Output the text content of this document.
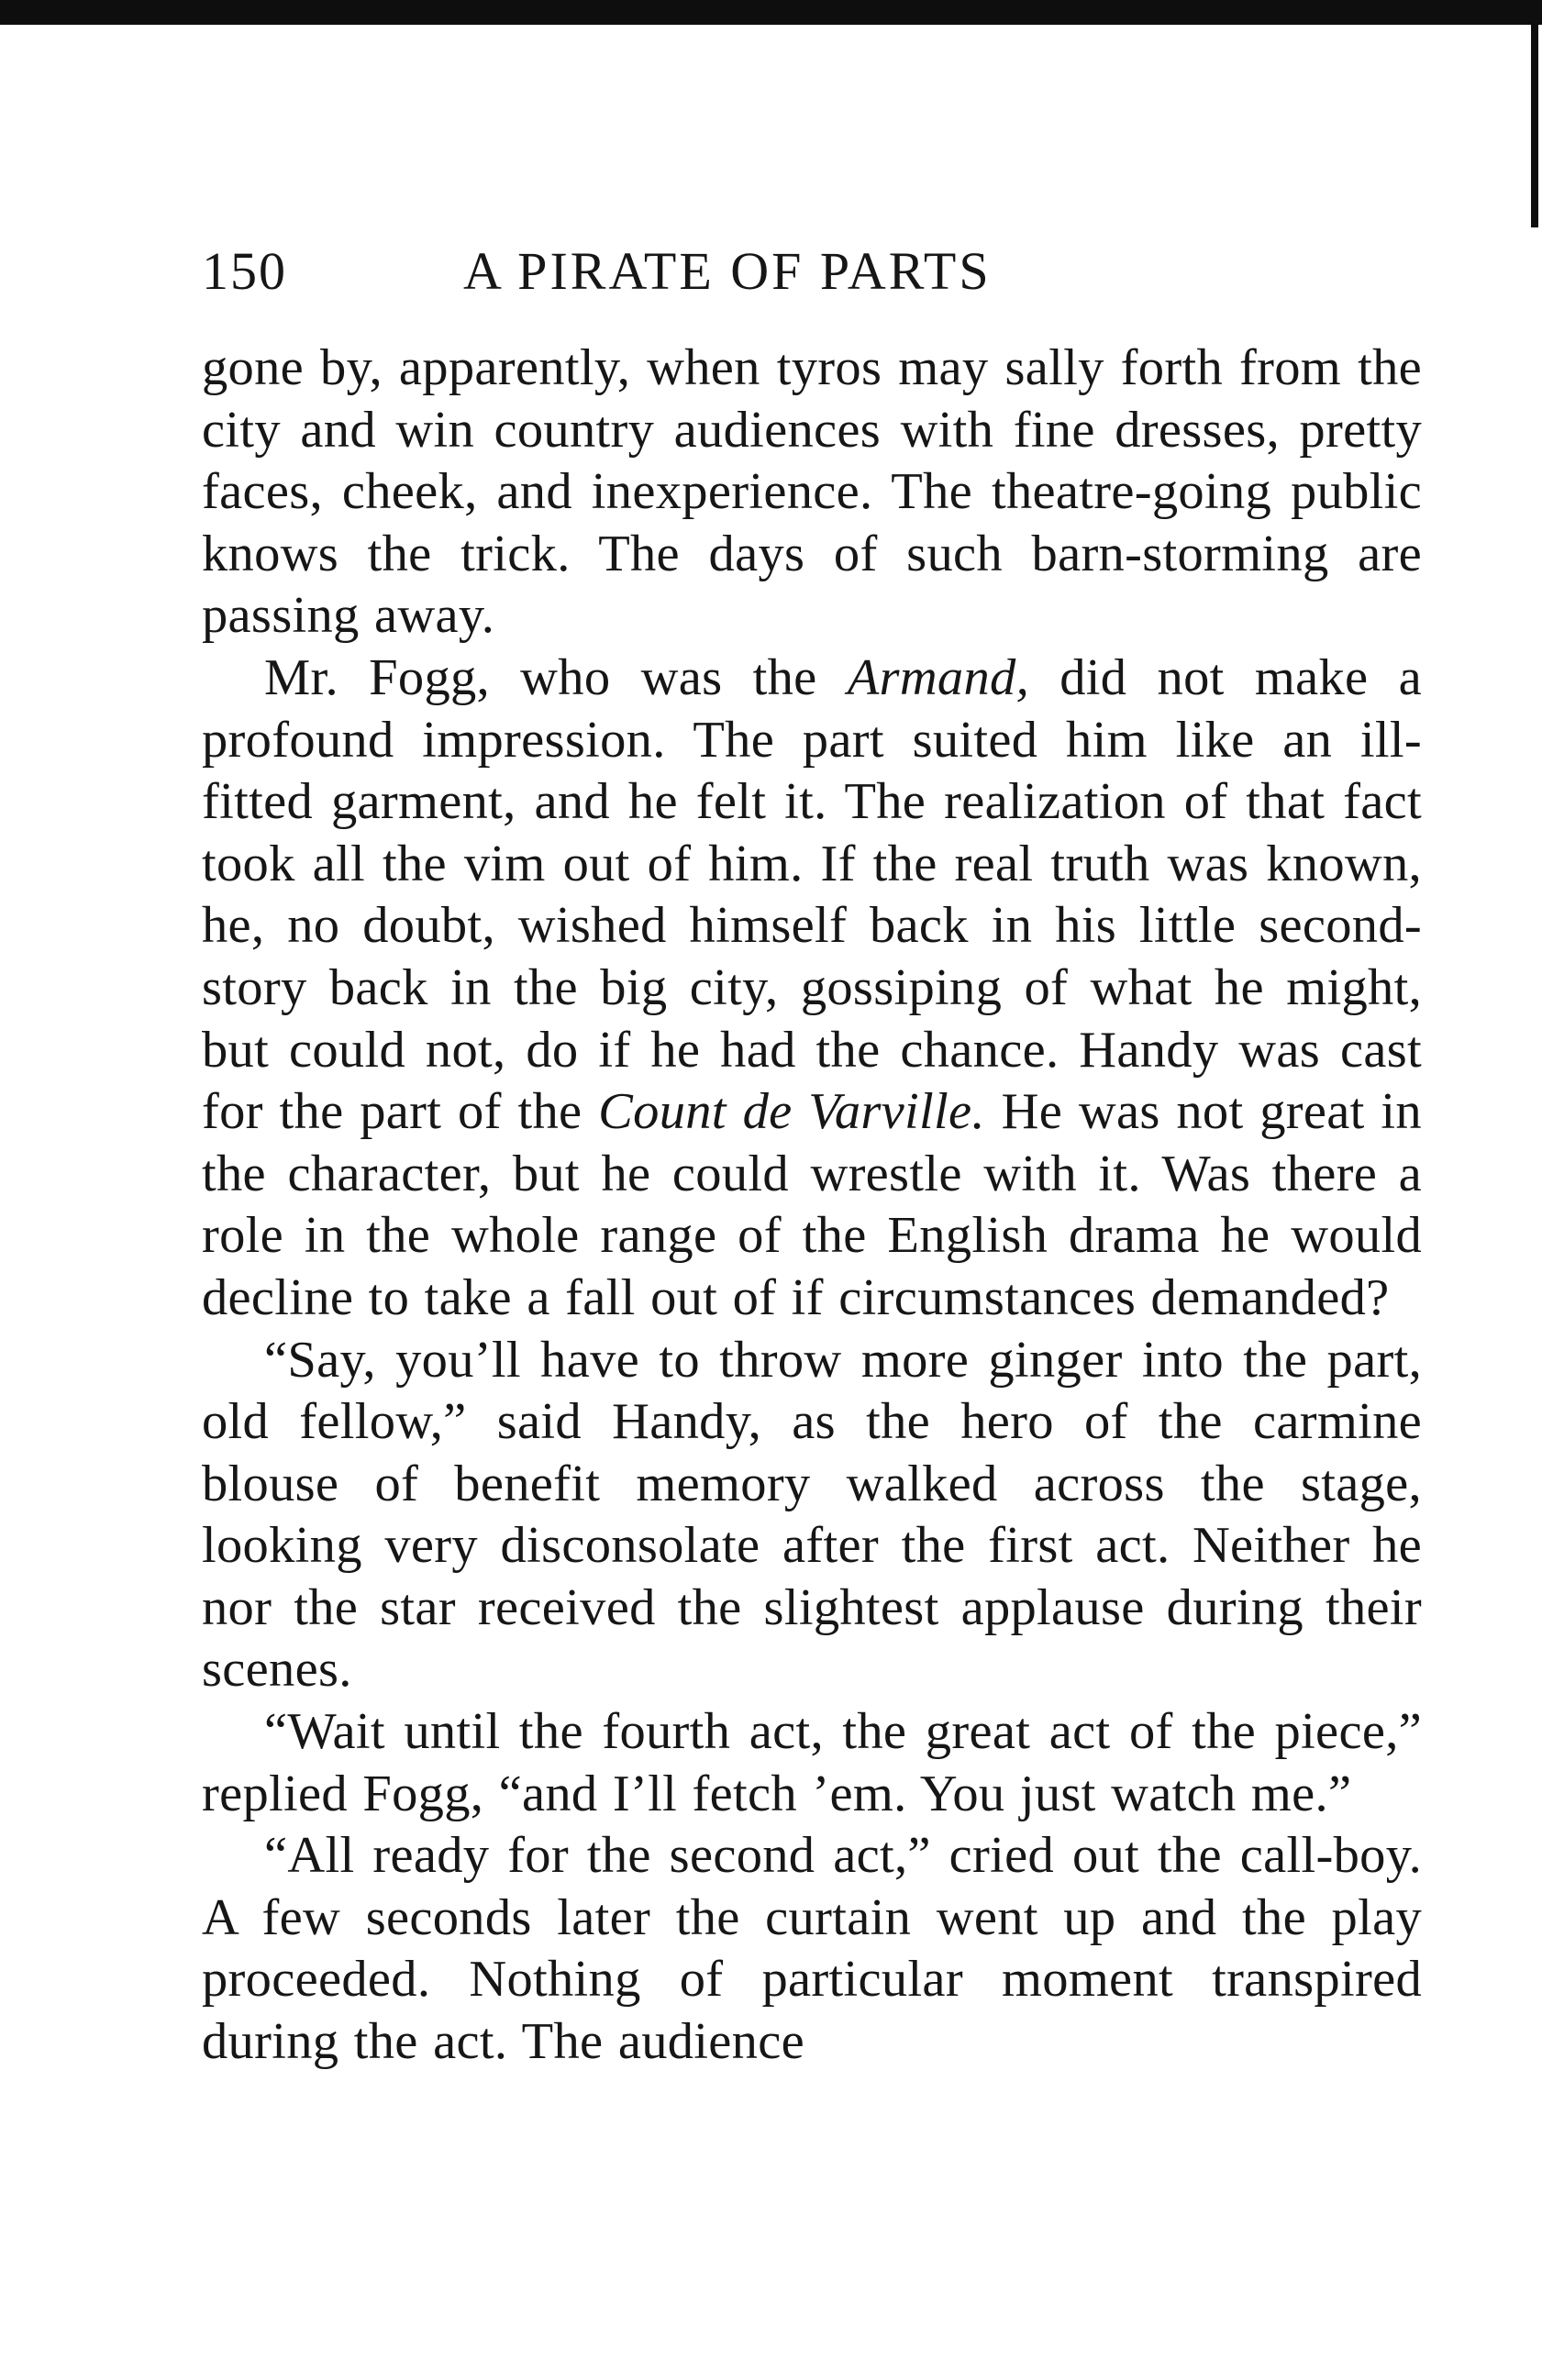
150	A PIRATE OF PARTS

gone by, apparently, when tyros may sally forth from the city and win country audiences with fine dresses, pretty faces, cheek, and inexperience. The theatre-going public knows the trick. The days of such barn-storming are passing away.

Mr. Fogg, who was the Armand, did not make a profound impression. The part suited him like an ill-fitted garment, and he felt it. The realization of that fact took all the vim out of him. If the real truth was known, he, no doubt, wished himself back in his little second-story back in the big city, gossiping of what he might, but could not, do if he had the chance. Handy was cast for the part of the Count de Varville. He was not great in the character, but he could wrestle with it. Was there a role in the whole range of the English drama he would decline to take a fall out of if circumstances demanded?

“Say, you’ll have to throw more ginger into the part, old fellow,” said Handy, as the hero of the carmine blouse of benefit memory walked across the stage, looking very disconsolate after the first act. Neither he nor the star received the slightest applause during their scenes.

“Wait until the fourth act, the great act of the piece,” replied Fogg, “and I’ll fetch ’em. You just watch me.”

“All ready for the second act,” cried out the call-boy. A few seconds later the curtain went up and the play proceeded. Nothing of particular moment transpired during the act. The audience
